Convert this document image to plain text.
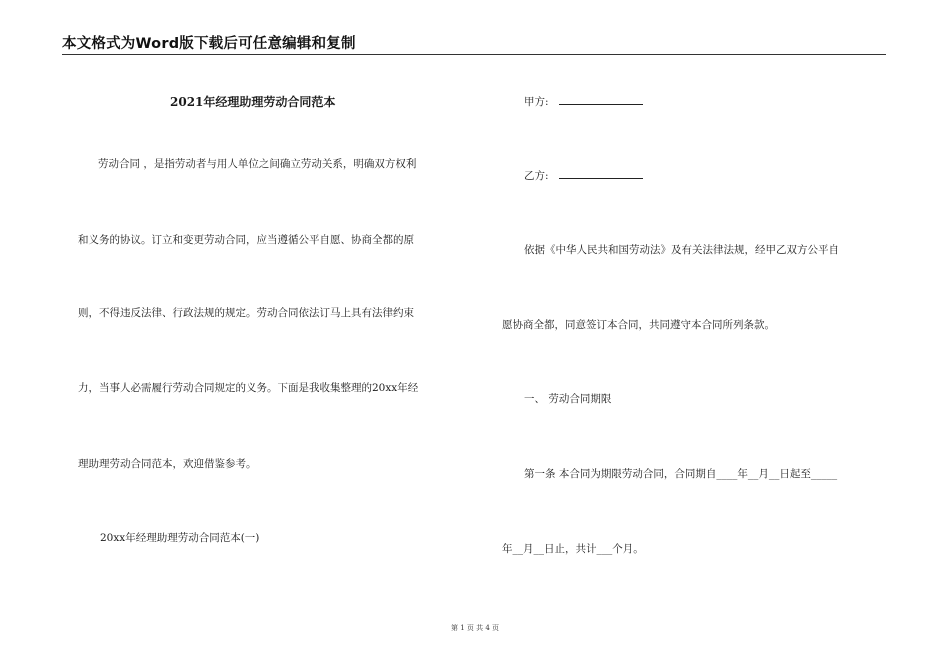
本文格式为Word版下载后可任意编辑和复制
2021年经理助理劳动合同范本
劳动合同 ，是指劳动者与用人单位之间确立劳动关系，明确双方权利
和义务的协议。订立和变更劳动合同，应当遵循公平自愿、协商全都的原
则，不得违反法律、行政法规的规定。劳动合同依法订马上具有法律约束
力，当事人必需履行劳动合同规定的义务。下面是我收集整理的20xx年经
理助理劳动合同范本，欢迎借鉴参考。
20xx年经理助理劳动合同范本(一)
甲方:
乙方:
依据《中华人民共和国劳动法》及有关法律法规，经甲乙双方公平自
愿协商全都，同意签订本合同，共同遵守本合同所列条款。
一、 劳动合同期限
第一条 本合同为期限劳动合同，合同期自____年__月__日起至_____
年__月__日止，共计___个月。
第 1 页 共 4 页
